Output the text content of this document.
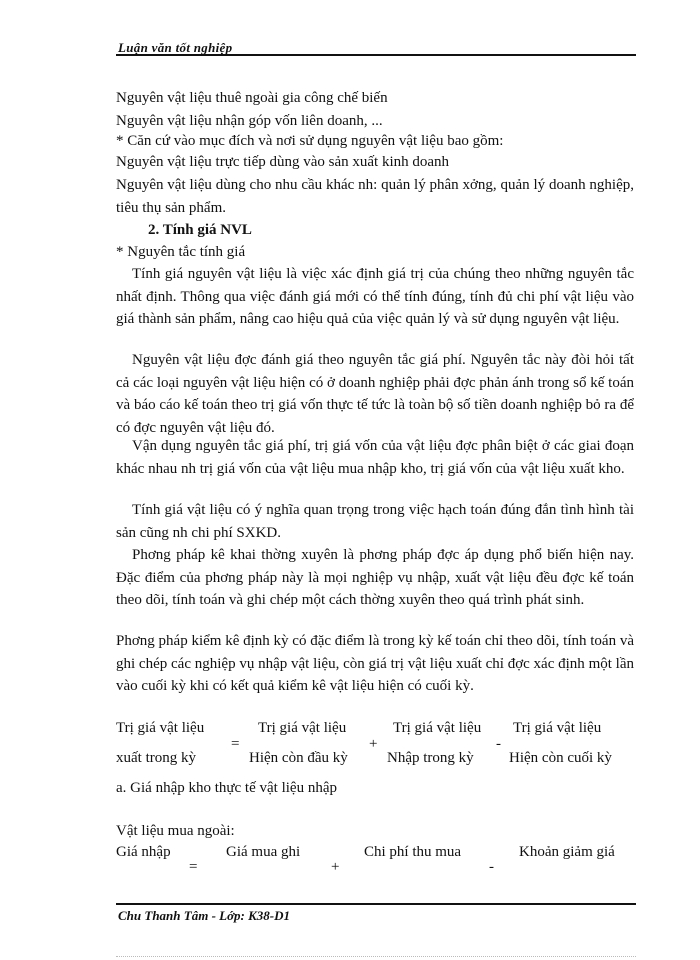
Luận văn tốt nghiệp
Nguyên vật liệu thuê ngoài gia công chế biến
Nguyên vật liệu nhận góp vốn liên doanh, ...
* Căn cứ vào mục đích và nơi sử dụng nguyên vật liệu bao gồm:
Nguyên vật liệu trực tiếp dùng vào sản xuất kinh doanh
Nguyên vật liệu dùng cho nhu cầu khác nh: quản lý phân xởng, quản lý doanh nghiệp, tiêu thụ sản phẩm.
2. Tính giá NVL
* Nguyên tắc tính giá
Tính giá nguyên vật liệu là việc xác định giá trị của chúng theo những nguyên tắc nhất định. Thông qua việc đánh giá mới có thể tính đúng, tính đủ chi phí vật liệu vào giá thành sản phẩm, nâng cao hiệu quả của việc quản lý và sử dụng nguyên vật liệu.
Nguyên vật liệu đợc đánh giá theo nguyên tắc giá phí. Nguyên tắc này đòi hỏi tất cả các loại nguyên vật liệu hiện có ở doanh nghiệp phải đợc phản ánh trong sổ kế toán và báo cáo kế toán theo trị giá vốn thực tế tức là toàn bộ số tiền doanh nghiệp bỏ ra để có đợc nguyên vật liệu đó.
Vận dụng nguyên tắc giá phí, trị giá vốn của vật liệu đợc phân biệt ở các giai đoạn khác nhau nh trị giá vốn của vật liệu mua nhập kho, trị giá vốn của vật liệu xuất kho.
Tính giá vật liệu có ý nghĩa quan trọng trong việc hạch toán đúng đắn tình hình tài sản cũng nh chi phí SXKD.
Phơng pháp kê khai thờng xuyên là phơng pháp đợc áp dụng phổ biến hiện nay. Đặc điểm của phơng pháp này là mọi nghiệp vụ nhập, xuất vật liệu đều đợc kế toán theo dõi, tính toán và ghi chép một cách thờng xuyên theo quá trình phát sinh.
Phơng pháp kiểm kê định kỳ có đặc điểm là trong kỳ kế toán chỉ theo dõi, tính toán và ghi chép các nghiệp vụ nhập vật liệu, còn giá trị vật liệu xuất chỉ đợc xác định một lần vào cuối kỳ khi có kết quả kiểm kê vật liệu hiện có cuối kỳ.
Trị giá vật liệu
xuất trong kỳ
=
Trị giá vật liệu
Hiện còn đầu kỳ
+
Trị giá vật liệu
Nhập trong kỳ
-
Trị giá vật liệu
Hiện còn cuối kỳ
a. Giá nhập kho thực tế vật liệu nhập
Vật liệu mua ngoài:
Giá nhập
=
Giá mua ghi
+
Chi phí thu mua
-
Khoản giảm giá
Chu Thanh Tâm - Lớp: K38-D1
